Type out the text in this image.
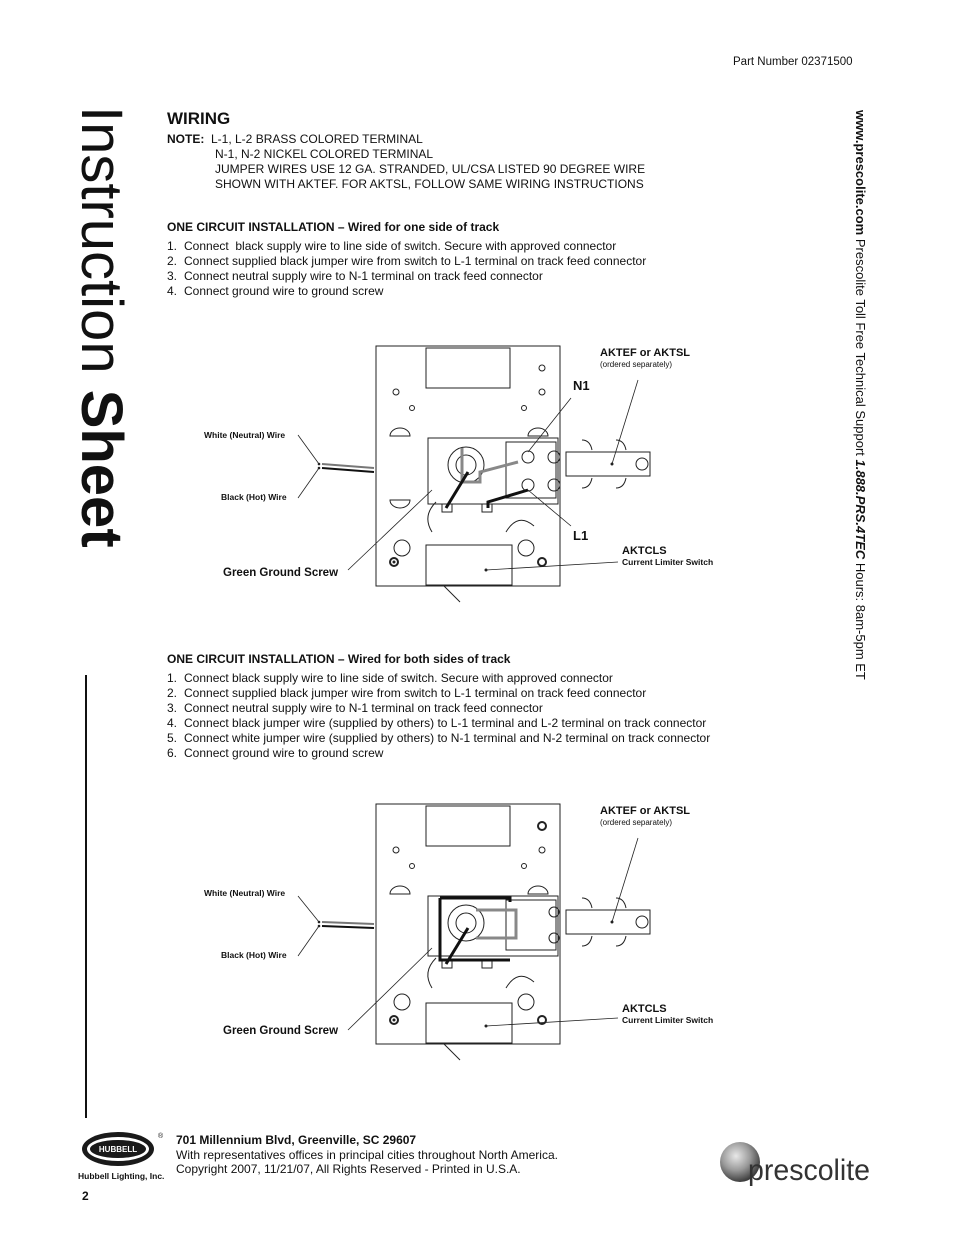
Part Number 02371500
Instruction Sheet
www.prescolite.com Prescolite Toll Free Technical Support 1.888.PRS.4TEC Hours: 8am-5pm ET
WIRING
NOTE: L-1, L-2 BRASS COLORED TERMINAL
N-1, N-2 NICKEL COLORED TERMINAL
JUMPER WIRES USE 12 GA. STRANDED, UL/CSA LISTED 90 DEGREE WIRE
SHOWN WITH AKTEF. FOR AKTSL, FOLLOW SAME WIRING INSTRUCTIONS
ONE CIRCUIT INSTALLATION – Wired for one side of track
1. Connect  black supply wire to line side of switch. Secure with approved connector
2. Connect supplied black jumper wire from switch to L-1 terminal on track feed connector
3. Connect neutral supply wire to N-1 terminal on track feed connector
4. Connect ground wire to ground screw
White (Neutral) Wire
Black (Hot) Wire
Green Ground Screw
AKTEF or AKTSL
(ordered separately)
N1
L1
AKTCLS
Current Limiter Switch
ONE CIRCUIT INSTALLATION – Wired for both sides of track
1. Connect black supply wire to line side of switch. Secure with approved connector
2. Connect supplied black jumper wire from switch to L-1 terminal on track feed connector
3. Connect neutral supply wire to N-1 terminal on track feed connector
4. Connect black jumper wire (supplied by others) to L-1 terminal and L-2 terminal on track connector
5. Connect white jumper wire (supplied by others) to N-1 terminal and N-2 terminal on track connector
6. Connect ground wire to ground screw
White (Neutral) Wire
Black (Hot) Wire
Green Ground Screw
AKTEF or AKTSL
(ordered separately)
AKTCLS
Current Limiter Switch
HUBBELL
®
Hubbell Lighting, Inc.
701 Millennium Blvd, Greenville, SC 29607
With representatives offices in principal cities throughout North America.
Copyright 2007, 11/21/07, All Rights Reserved - Printed in U.S.A.
2
prescolite
